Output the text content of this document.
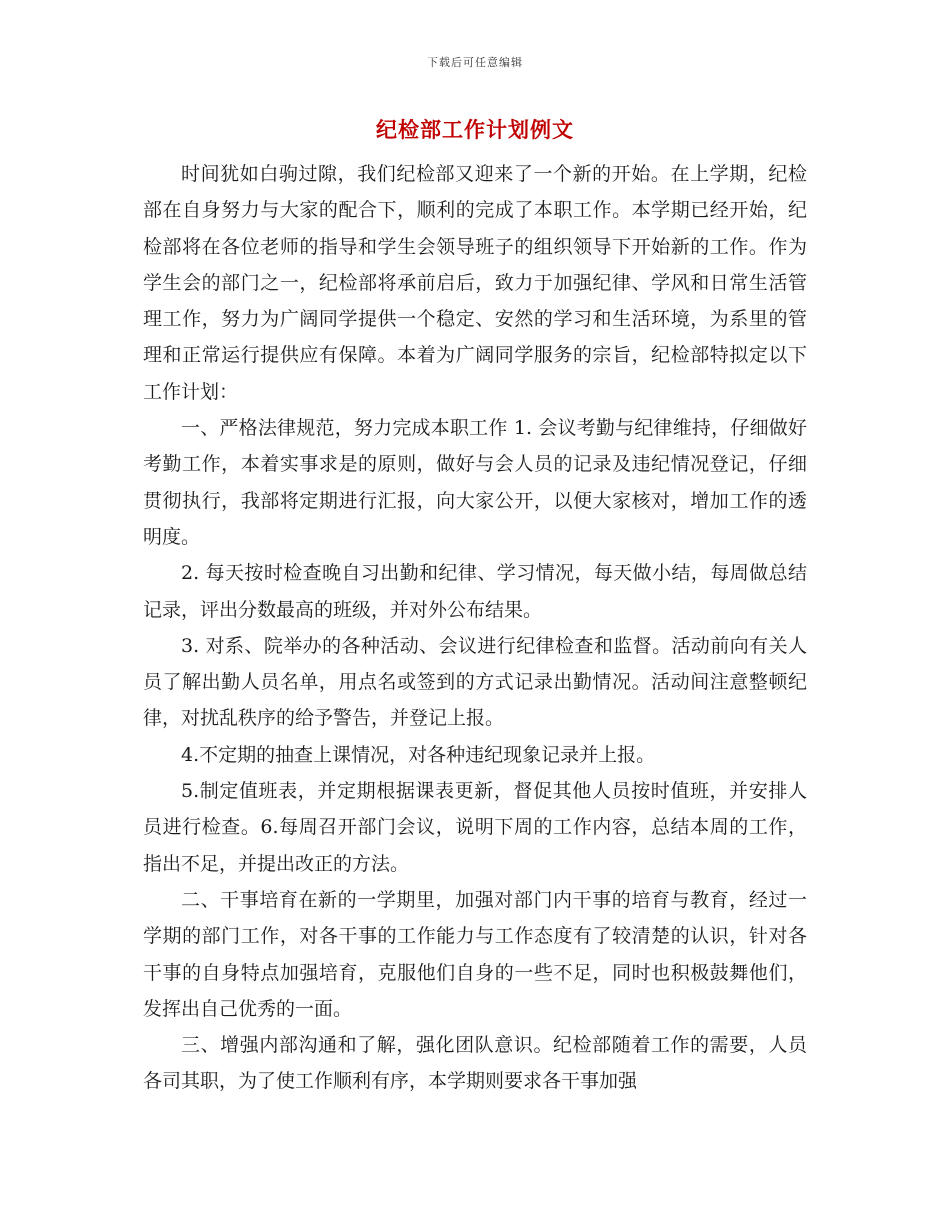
下载后可任意编辑
纪检部工作计划例文

时间犹如白驹过隙，我们纪检部又迎来了一个新的开始。在上学期，纪检部在自身努力与大家的配合下，顺利的完成了本职工作。本学期已经开始，纪检部将在各位老师的指导和学生会领导班子的组织领导下开始新的工作。作为学生会的部门之一，纪检部将承前启后，致力于加强纪律、学风和日常生活管理工作，努力为广阔同学提供一个稳定、安然的学习和生活环境，为系里的管理和正常运行提供应有保障。本着为广阔同学服务的宗旨，纪检部特拟定以下工作计划：

一、严格法律规范，努力完成本职工作 1. 会议考勤与纪律维持，仔细做好考勤工作，本着实事求是的原则，做好与会人员的记录及违纪情况登记，仔细贯彻执行，我部将定期进行汇报，向大家公开，以便大家核对，增加工作的透明度。

2. 每天按时检查晚自习出勤和纪律、学习情况，每天做小结，每周做总结记录，评出分数最高的班级，并对外公布结果。

3. 对系、院举办的各种活动、会议进行纪律检查和监督。活动前向有关人员了解出勤人员名单，用点名或签到的方式记录出勤情况。活动间注意整顿纪律，对扰乱秩序的给予警告，并登记上报。

4.不定期的抽查上课情况，对各种违纪现象记录并上报。

5.制定值班表，并定期根据课表更新，督促其他人员按时值班，并安排人员进行检查。6.每周召开部门会议，说明下周的工作内容，总结本周的工作，指出不足，并提出改正的方法。

二、干事培育在新的一学期里，加强对部门内干事的培育与教育，经过一学期的部门工作，对各干事的工作能力与工作态度有了较清楚的认识，针对各干事的自身特点加强培育，克服他们自身的一些不足，同时也积极鼓舞他们，发挥出自己优秀的一面。

三、增强内部沟通和了解，强化团队意识。纪检部随着工作的需要，人员各司其职，为了使工作顺利有序，本学期则要求各干事加强
